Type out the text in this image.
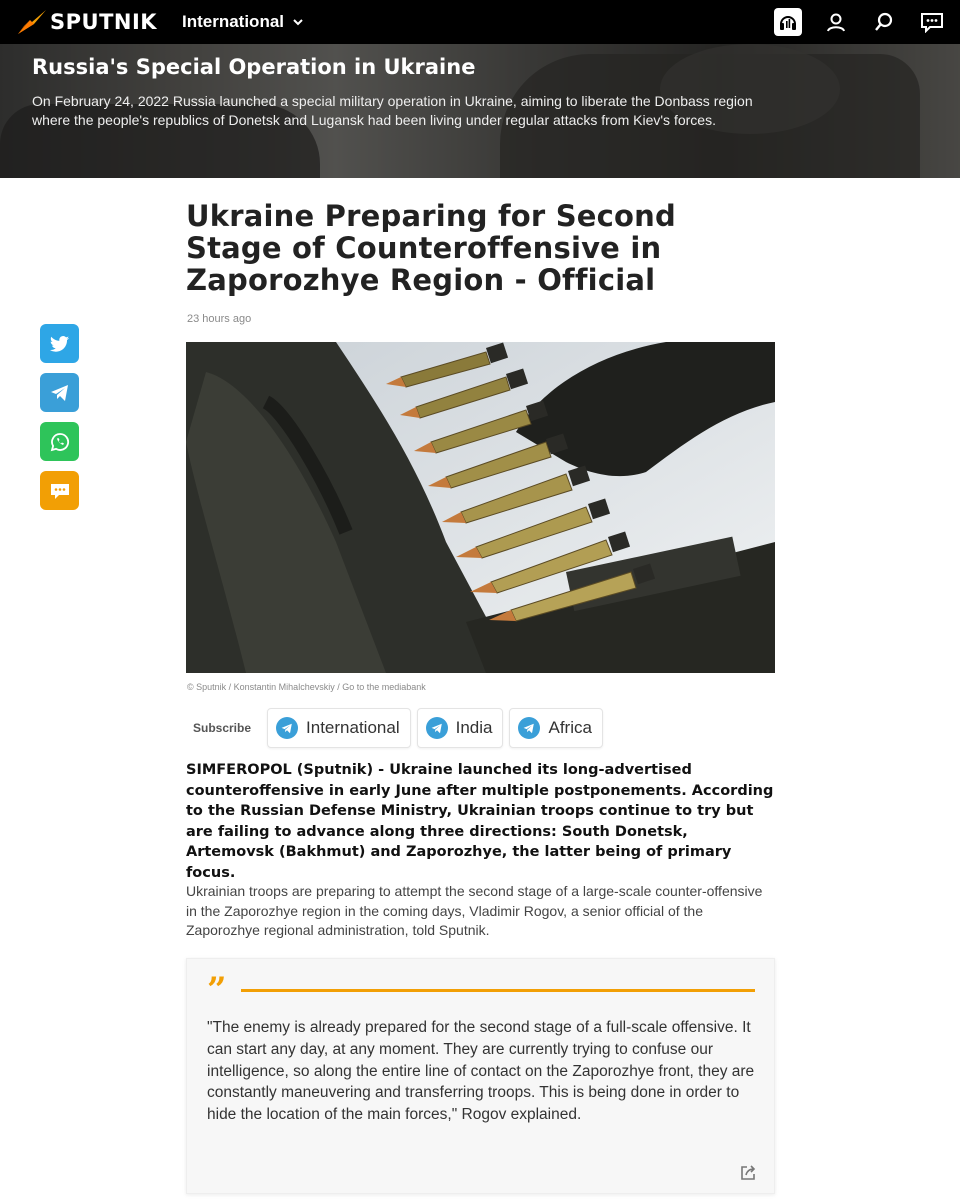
SPUTNIK International
Russia's Special Operation in Ukraine
On February 24, 2022 Russia launched a special military operation in Ukraine, aiming to liberate the Donbass region where the people's republics of Donetsk and Lugansk had been living under regular attacks from Kiev's forces.
Ukraine Preparing for Second Stage of Counteroffensive in Zaporozhye Region - Official
23 hours ago
© Sputnik / Konstantin Mihalchevskiy / Go to the mediabank
Subscribe	International	India	Africa

SIMFEROPOL (Sputnik) - Ukraine launched its long-advertised counteroffensive in early June after multiple postponements. According to the Russian Defense Ministry, Ukrainian troops continue to try but are failing to advance along three directions: South Donetsk, Artemovsk (Bakhmut) and Zaporozhye, the latter being of primary focus.

Ukrainian troops are preparing to attempt the second stage of a large-scale counter-offensive in the Zaporozhye region in the coming days, Vladimir Rogov, a senior official of the Zaporozhye regional administration, told Sputnik.

”
"The enemy is already prepared for the second stage of a full-scale offensive. It can start any day, at any moment. They are currently trying to confuse our intelligence, so along the entire line of contact on the Zaporozhye front, they are constantly maneuvering and transferring troops. This is being done in order to hide the location of the main forces," Rogov explained.
